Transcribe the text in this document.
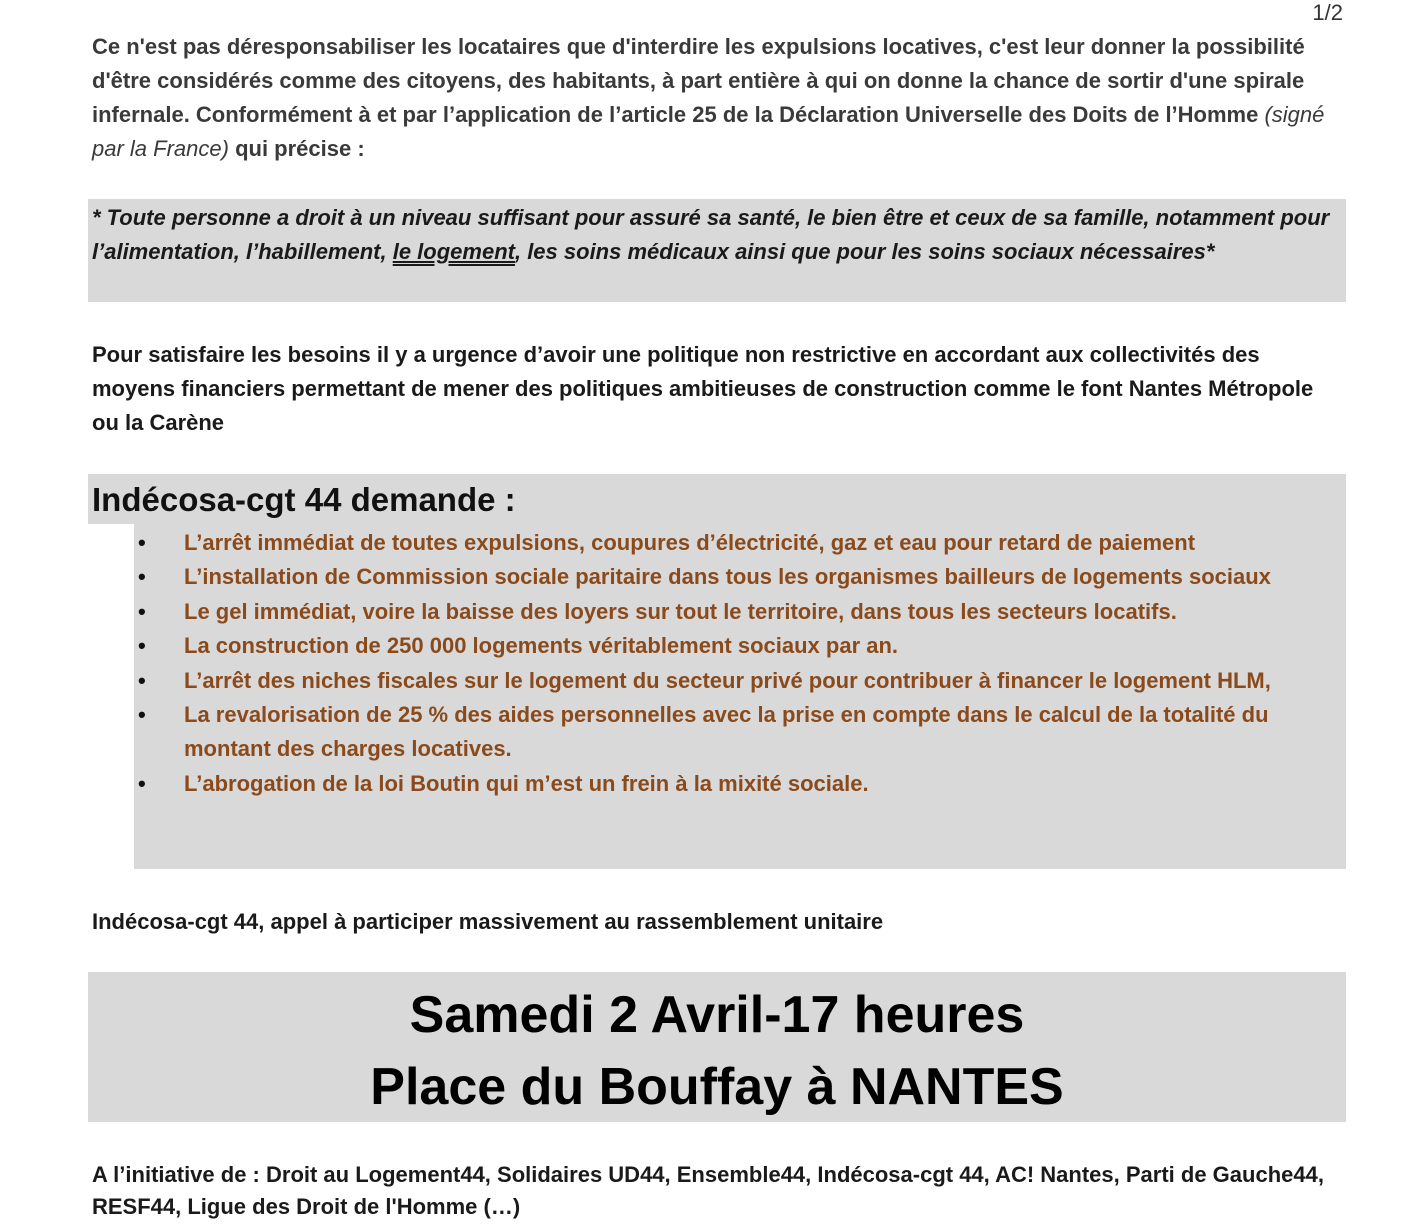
1/2
Ce n'est pas déresponsabiliser les locataires que d'interdire les expulsions locatives, c'est leur donner la possibilité d'être considérés comme des citoyens, des habitants, à part entière à qui on donne la chance de sortir d'une spirale infernale. Conformément à et par l’application de l’article 25 de la Déclaration Universelle des Doits de l’Homme (signé par la France) qui précise :
* Toute personne a droit à un niveau suffisant pour assuré sa santé, le bien être et ceux de sa famille, notamment pour l’alimentation, l’habillement, le logement, les soins médicaux ainsi que pour les soins sociaux nécessaires*
Pour satisfaire les besoins il y a urgence d’avoir une politique non restrictive en accordant aux collectivités des moyens financiers permettant de mener des politiques ambitieuses de construction comme le font Nantes Métropole ou la Carène
Indécosa-cgt 44 demande :
• L’arrêt immédiat de toutes expulsions, coupures d’électricité, gaz et eau pour retard de paiement
• L’installation de Commission sociale paritaire dans tous les organismes bailleurs de logements sociaux
• Le gel immédiat, voire la baisse des loyers sur tout le territoire, dans tous les secteurs locatifs.
• La construction de 250 000 logements véritablement sociaux par an.
• L’arrêt des niches fiscales sur le logement du secteur privé pour contribuer à financer le logement HLM,
• La revalorisation de 25 % des aides personnelles avec la prise en compte dans le calcul de la totalité du montant des charges locatives.
• L’abrogation de la loi Boutin qui m’est un frein à la mixité sociale.
Indécosa-cgt 44, appel à participer massivement au rassemblement unitaire
Samedi 2 Avril-17 heures
Place du Bouffay à NANTES
A l’initiative de : Droit au Logement44, Solidaires UD44, Ensemble44, Indécosa-cgt 44, AC! Nantes, Parti de Gauche44, RESF44, Ligue des Droit de l'Homme (…)
